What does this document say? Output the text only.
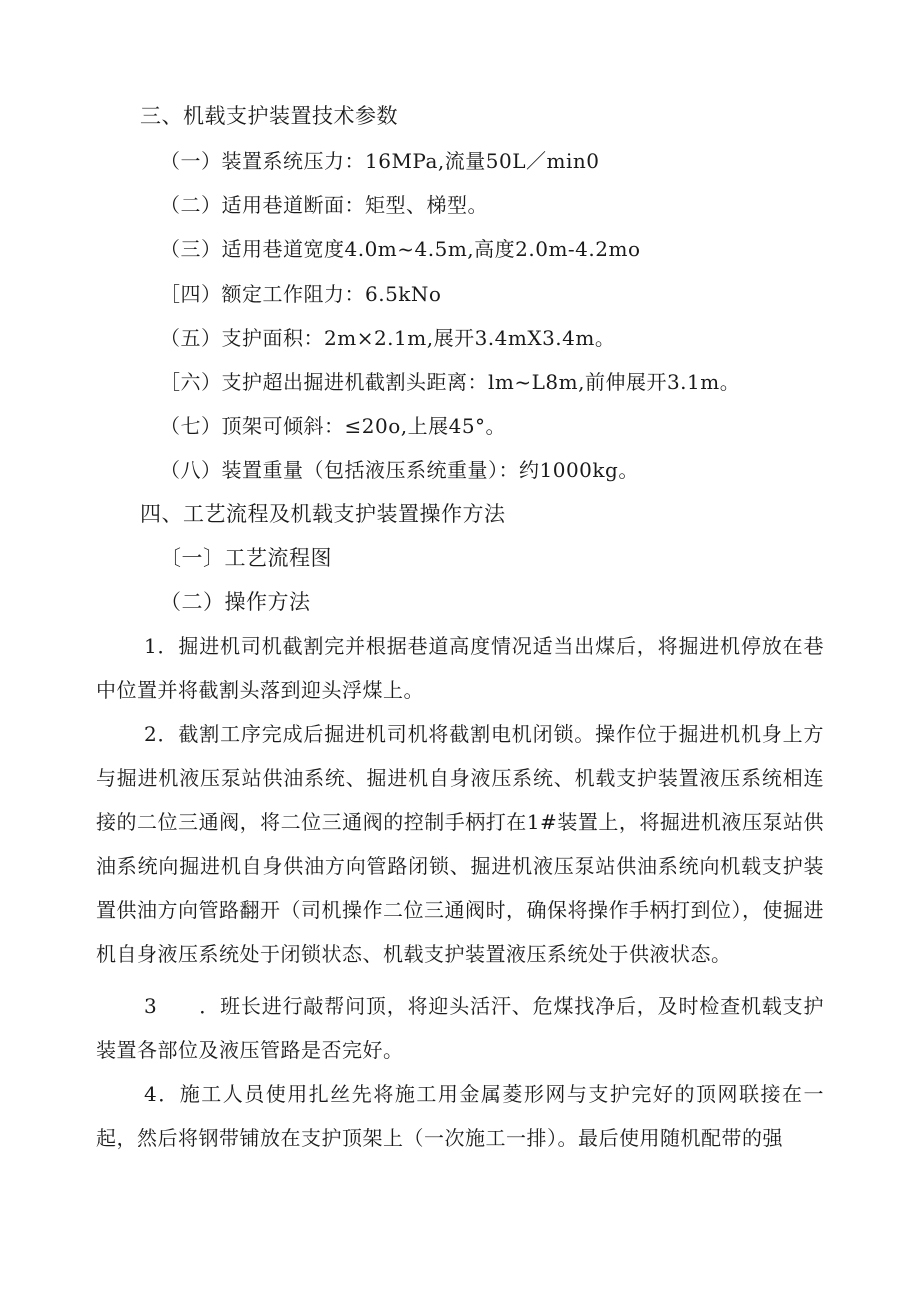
三、机载支护装置技术参数
（一）装置系统压力：16MPa,流量50L／min0
（二）适用巷道断面：矩型、梯型。
（三）适用巷道宽度4.0m~4.5m,高度2.0m-4.2mo
［四）额定工作阻力：6.5kNo
（五）支护面积：2m×2.1m,展开3.4mX3.4m。
［六）支护超出掘进机截割头距离：lm~L8m,前伸展开3.1m。
（七）顶架可倾斜：≤20o,上展45°。
（八）装置重量（包括液压系统重量）：约1000kg。
四、工艺流程及机载支护装置操作方法
〔一〕工艺流程图
（二）操作方法

1．掘进机司机截割完并根据巷道高度情况适当出煤后，将掘进机停放在巷中位置并将截割头落到迎头浮煤上。

2．截割工序完成后掘进机司机将截割电机闭锁。操作位于掘进机机身上方与掘进机液压泵站供油系统、掘进机自身液压系统、机载支护装置液压系统相连接的二位三通阀，将二位三通阀的控制手柄打在1#装置上，将掘进机液压泵站供油系统向掘进机自身供油方向管路闭锁、掘进机液压泵站供油系统向机载支护装置供油方向管路翻开（司机操作二位三通阀时，确保将操作手柄打到位），使掘进机自身液压系统处于闭锁状态、机载支护装置液压系统处于供液状态。

3　　．班长进行敲帮问顶，将迎头活汗、危煤找净后，及时检查机载支护装置各部位及液压管路是否完好。

4．施工人员使用扎丝先将施工用金属菱形网与支护完好的顶网联接在一起，然后将钢带铺放在支护顶架上（一次施工一排）。最后使用随机配带的强
